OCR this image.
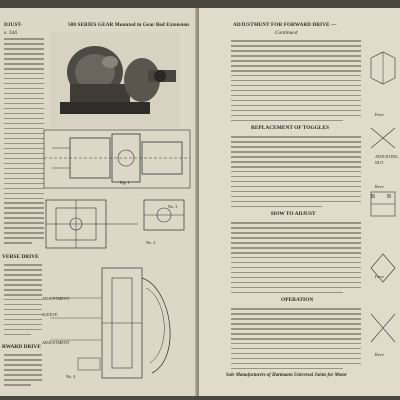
DJUST-
s. 344
500 SERIES GEAR Mounted in Gear Bed Extension
Fig. 1
No. 2
No. 3
ADJUSTMENT
SLEEVE
ADJUSTMENT
No. 4
VERSE DRIVE
RWARD DRIVE
ADJUSTMENT FOR FORWARD DRIVE —
Continued
REPLACEMENT OF TOGGLES
HOW TO ADJUST
OPERATION
Forw
ADJUSTING
NUT
Reve
B B
Forw
Reve
Sole Manufacturers of Hartmann Universal Joints for Motor
